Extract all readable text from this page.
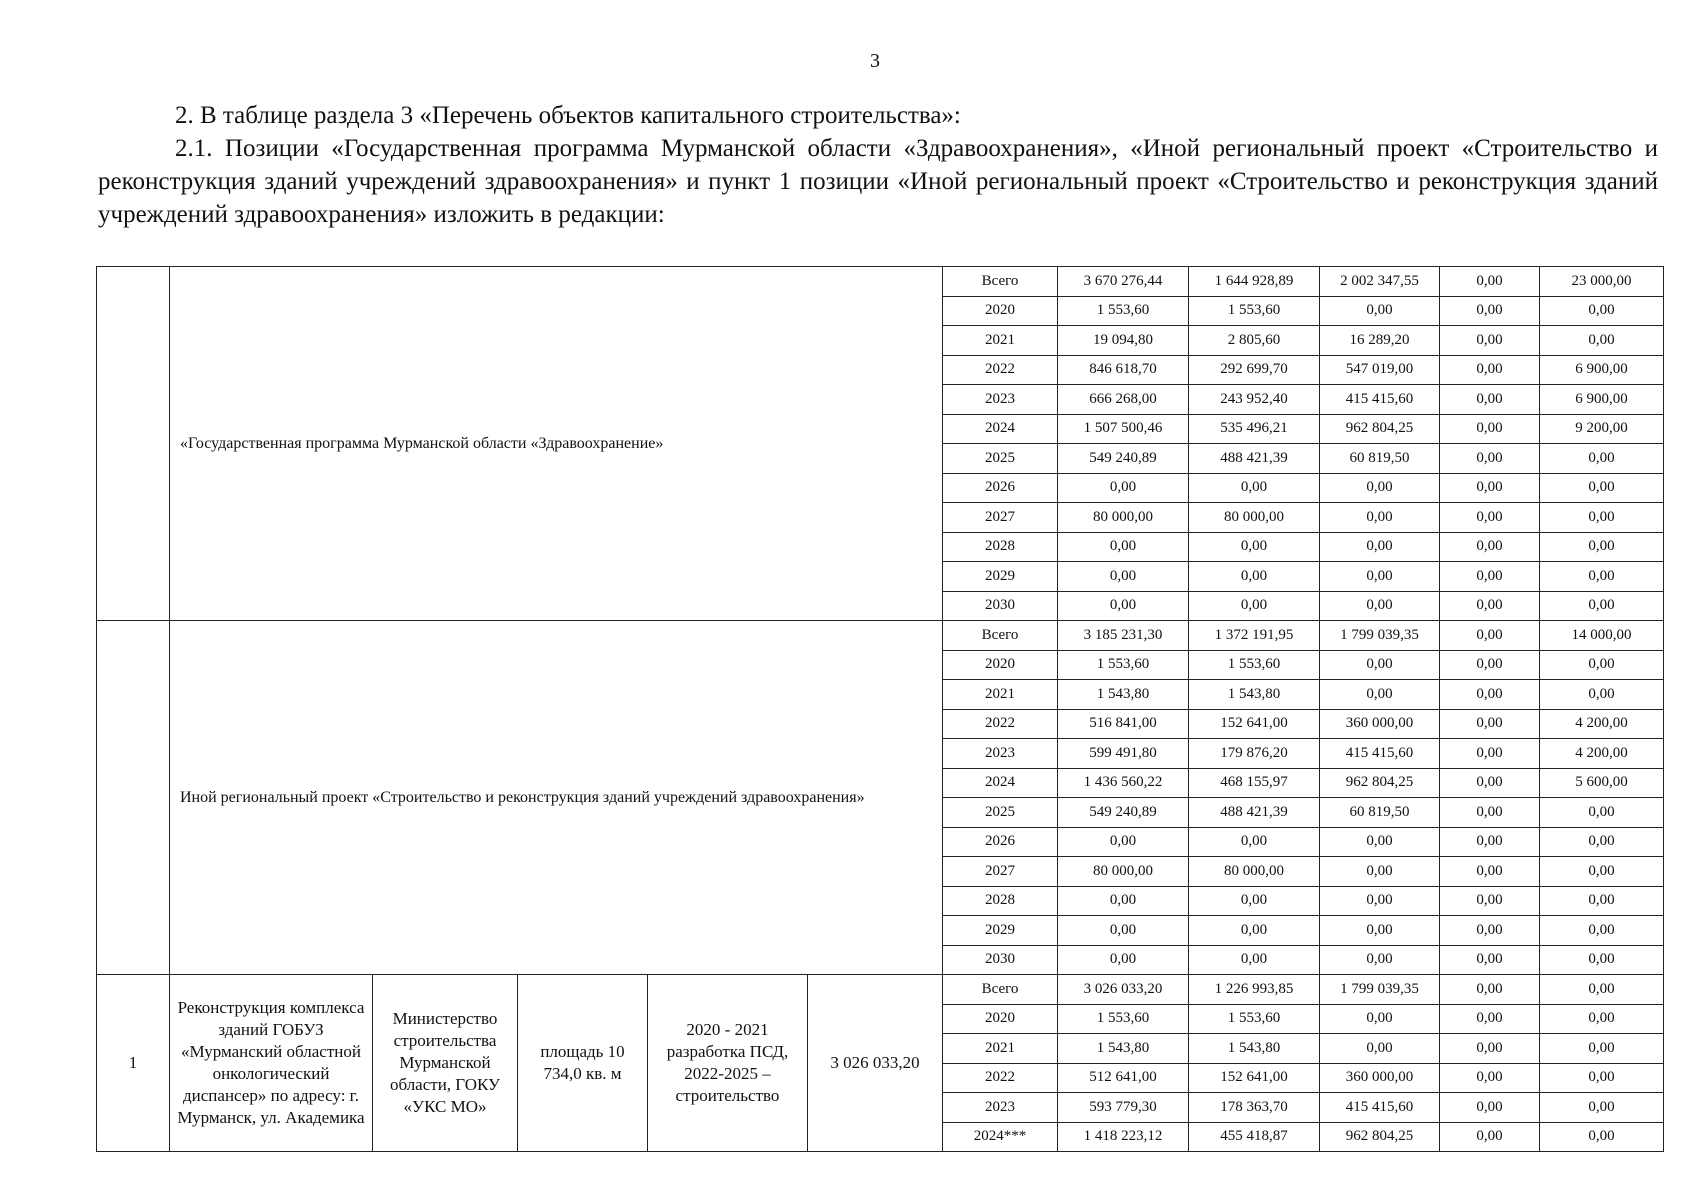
3
2. В таблице раздела 3 «Перечень объектов капитального строительства»:
2.1. Позиции «Государственная программа Мурманской области «Здравоохранения», «Иной региональный проект «Строительство и реконструкция зданий учреждений здравоохранения» и пункт 1 позиции «Иной региональный проект «Строительство и реконструкция зданий учреждений здравоохранения» изложить в редакции:
	«Государственная программа Мурманской области «Здравоохранение»					Всего	3 670 276,44	1 644 928,89	2 002 347,55	0,00	23 000,00
						2020	1 553,60	1 553,60	0,00	0,00	0,00
						2021	19 094,80	2 805,60	16 289,20	0,00	0,00
						2022	846 618,70	292 699,70	547 019,00	0,00	6 900,00
						2023	666 268,00	243 952,40	415 415,60	0,00	6 900,00
						2024	1 507 500,46	535 496,21	962 804,25	0,00	9 200,00
						2025	549 240,89	488 421,39	60 819,50	0,00	0,00
						2026	0,00	0,00	0,00	0,00	0,00
						2027	80 000,00	80 000,00	0,00	0,00	0,00
						2028	0,00	0,00	0,00	0,00	0,00
						2029	0,00	0,00	0,00	0,00	0,00
						2030	0,00	0,00	0,00	0,00	0,00
	Иной региональный проект «Строительство и реконструкция зданий учреждений здравоохранения»					Всего	3 185 231,30	1 372 191,95	1 799 039,35	0,00	14 000,00
						2020	1 553,60	1 553,60	0,00	0,00	0,00
						2021	1 543,80	1 543,80	0,00	0,00	0,00
						2022	516 841,00	152 641,00	360 000,00	0,00	4 200,00
						2023	599 491,80	179 876,20	415 415,60	0,00	4 200,00
						2024	1 436 560,22	468 155,97	962 804,25	0,00	5 600,00
						2025	549 240,89	488 421,39	60 819,50	0,00	0,00
						2026	0,00	0,00	0,00	0,00	0,00
						2027	80 000,00	80 000,00	0,00	0,00	0,00
						2028	0,00	0,00	0,00	0,00	0,00
						2029	0,00	0,00	0,00	0,00	0,00
						2030	0,00	0,00	0,00	0,00	0,00
1	Реконструкция комплекса зданий ГОБУЗ «Мурманский областной онкологический диспансер» по адресу: г. Мурманск, ул. Академика	Министерство строительства Мурманской области, ГОКУ «УКС МО»	площадь 10 734,0 кв. м	2020 - 2021 разработка ПСД, 2022-2025 – строительство	3 026 033,20	Всего	3 026 033,20	1 226 993,85	1 799 039,35	0,00	0,00
						2020	1 553,60	1 553,60	0,00	0,00	0,00
						2021	1 543,80	1 543,80	0,00	0,00	0,00
						2022	512 641,00	152 641,00	360 000,00	0,00	0,00
						2023	593 779,30	178 363,70	415 415,60	0,00	0,00
						2024***	1 418 223,12	455 418,87	962 804,25	0,00	0,00
